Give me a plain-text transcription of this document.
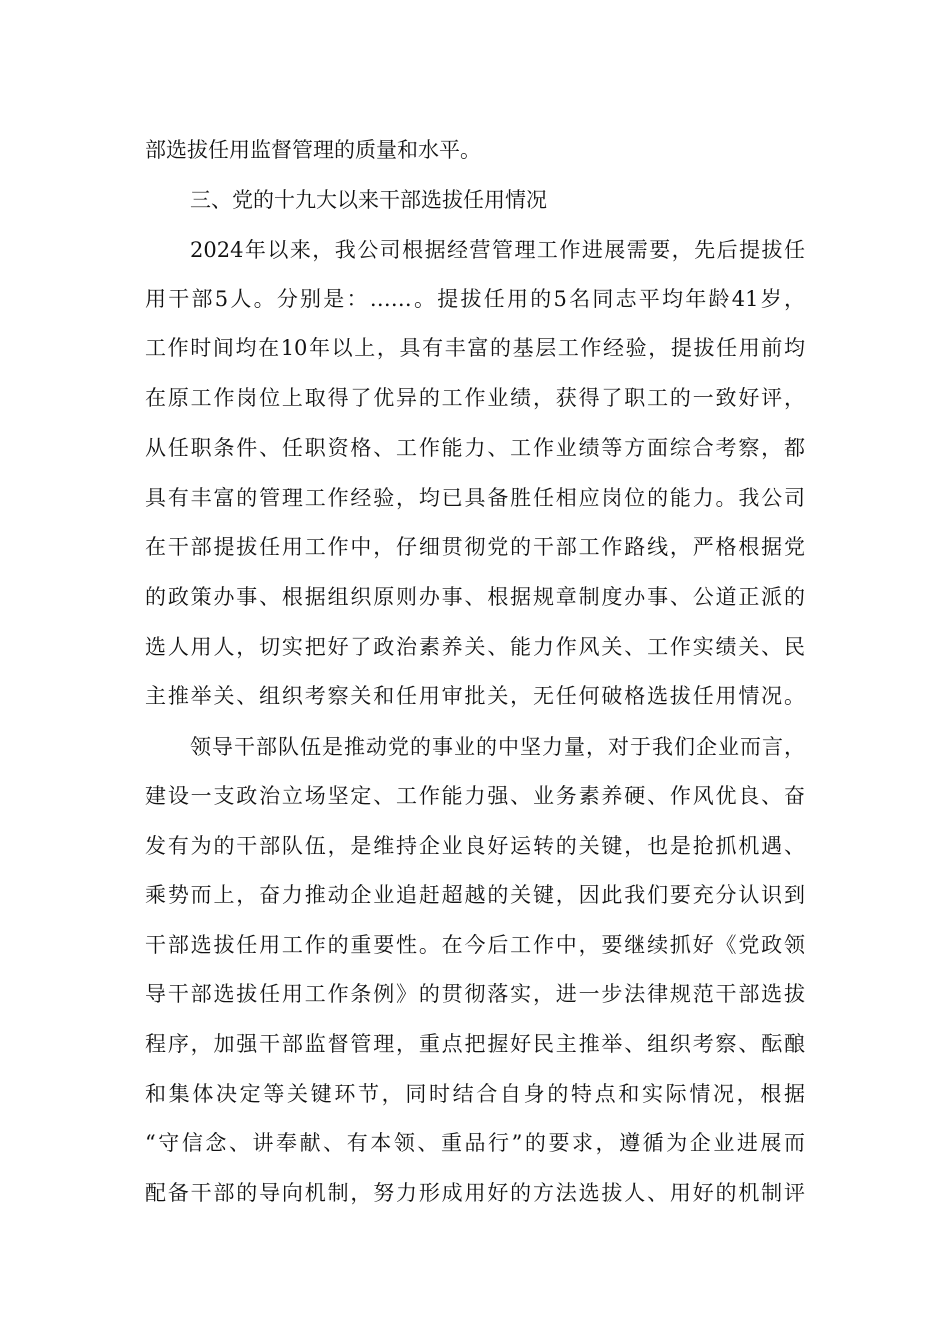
部选拔任用监督管理的质量和水平。
三、党的十九大以来干部选拔任用情况
2024年以来，我公司根据经营管理工作进展需要，先后提拔任
用干部5人。分别是：……。提拔任用的5名同志平均年龄41岁，
工作时间均在10年以上，具有丰富的基层工作经验，提拔任用前均
在原工作岗位上取得了优异的工作业绩，获得了职工的一致好评，
从任职条件、任职资格、工作能力、工作业绩等方面综合考察，都
具有丰富的管理工作经验，均已具备胜任相应岗位的能力。我公司
在干部提拔任用工作中，仔细贯彻党的干部工作路线，严格根据党
的政策办事、根据组织原则办事、根据规章制度办事、公道正派的
选人用人，切实把好了政治素养关、能力作风关、工作实绩关、民
主推举关、组织考察关和任用审批关，无任何破格选拔任用情况。
领导干部队伍是推动党的事业的中坚力量，对于我们企业而言，
建设一支政治立场坚定、工作能力强、业务素养硬、作风优良、奋
发有为的干部队伍，是维持企业良好运转的关键，也是抢抓机遇、
乘势而上，奋力推动企业追赶超越的关键，因此我们要充分认识到
干部选拔任用工作的重要性。在今后工作中，要继续抓好《党政领
导干部选拔任用工作条例》的贯彻落实，进一步法律规范干部选拔
程序，加强干部监督管理，重点把握好民主推举、组织考察、酝酿
和集体决定等关键环节，同时结合自身的特点和实际情况，根据
“守信念、讲奉献、有本领、重品行”的要求，遵循为企业进展而
配备干部的导向机制，努力形成用好的方法选拔人、用好的机制评
